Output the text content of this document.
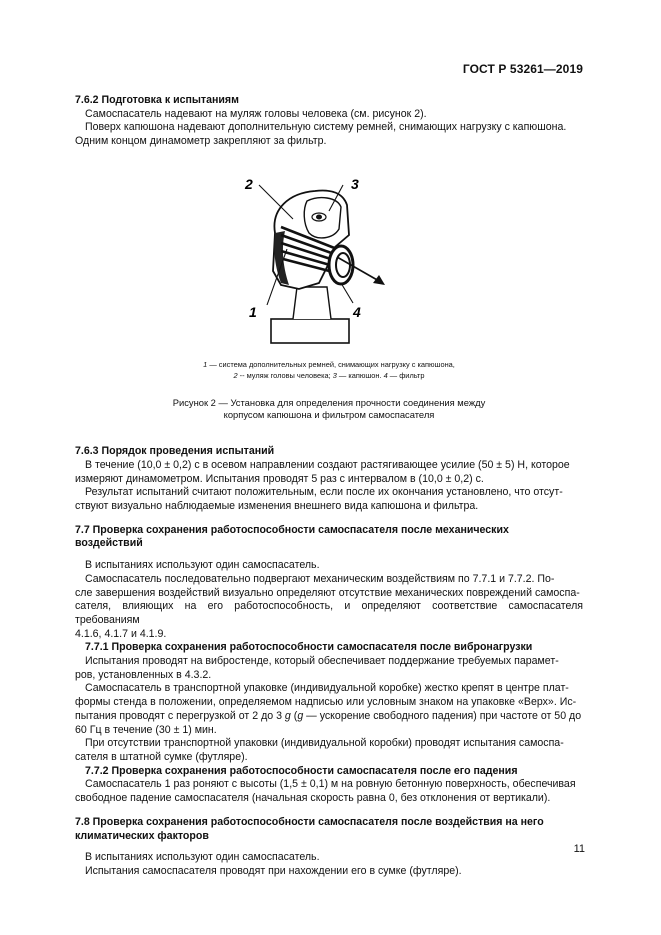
ГОСТ Р 53261—2019

7.6.2 Подготовка к испытаниям

Самоспасатель надевают на муляж головы человека (см. рисунок 2).

Поверх капюшона надевают дополнительную систему ремней, снимающих нагрузку с капюшона.

Одним концом динамометр закрепляют за фильтр.

2	3
1	4
1 — система дополнительных ремней, снимающих нагрузку с капюшона,
2 -- муляж головы человека; 3 — капюшон. 4 — фильтр
Рисунок 2 — Установка для определения прочности соединения между
корпусом капюшона и фильтром самоспасателя

7.6.3 Порядок проведения испытаний

В течение (10,0 ± 0,2) с в осевом направлении создают растягивающее усилие (50 ± 5) Н, которое

измеряют динамометром. Испытания проводят 5 раз с интервалом в (10,0 ± 0,2) с.

Результат испытаний считают положительным, если после их окончания установлено, что отсут-

ствуют визуально наблюдаемые изменения внешнего вида капюшона и фильтра.

7.7 Проверка сохранения работоспособности самоспасателя после механических

воздействий

В испытаниях используют один самоспасатель.

Самоспасатель последовательно подвергают механическим воздействиям по 7.7.1 и 7.7.2. По-

сле завершения воздействий визуально определяют отсутствие механических повреждений самоспа-

сателя, влияющих на его работоспособность, и определяют соответствие самоспасателя требованиям

4.1.6, 4.1.7 и 4.1.9.

7.7.1 Проверка сохранения работоспособности самоспасателя после вибронагрузки

Испытания проводят на вибростенде, который обеспечивает поддержание требуемых парамет-

ров, установленных в 4.3.2.

Самоспасатель в транспортной упаковке (индивидуальной коробке) жестко крепят в центре плат-

формы стенда в положении, определяемом надписью или условным знаком на упаковке «Верх». Ис-

пытания проводят с перегрузкой от 2 до 3 g (g — ускорение свободного падения) при частоте от 50 до

60 Гц в течение (30 ± 1) мин.

При отсутствии транспортной упаковки (индивидуальной коробки) проводят испытания самоспа-

сателя в штатной сумке (футляре).

7.7.2 Проверка сохранения работоспособности самоспасателя после его падения

Самоспасатель 1 раз роняют с высоты (1,5 ± 0,1) м на ровную бетонную поверхность, обеспечивая

свободное падение самоспасателя (начальная скорость равна 0, без отклонения от вертикали).

7.8 Проверка сохранения работоспособности самоспасателя после воздействия на него

климатических факторов

В испытаниях используют один самоспасатель.

Испытания самоспасателя проводят при нахождении его в сумке (футляре).

11
